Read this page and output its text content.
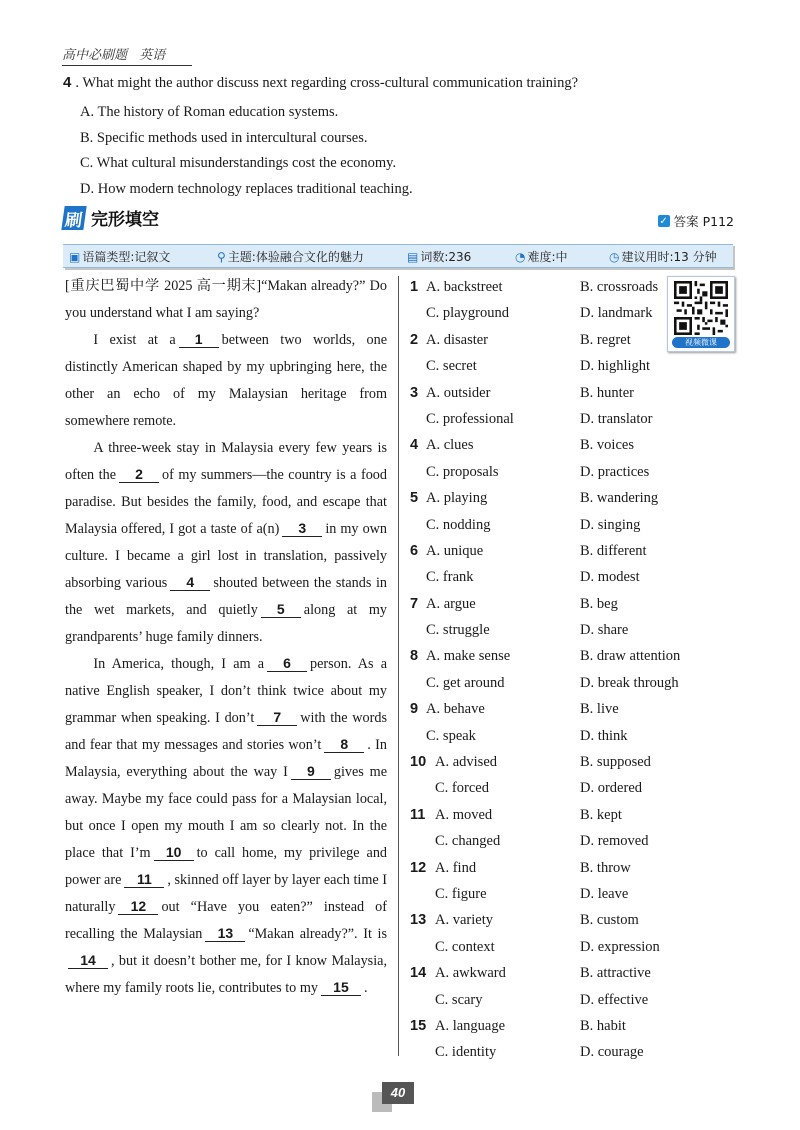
高中必刷题 英语
4 . What might the author discuss next regarding cross-cultural communication training?
A. The history of Roman education systems.
B. Specific methods used in intercultural courses.
C. What cultural misunderstandings cost the economy.
D. How modern technology replaces traditional teaching.
刷 完形填空	✓ 答案 P112
▣ 语篇类型:记叙文	⚲ 主题:体验融合文化的魅力	▤ 词数:236	◔ 难度:中	◷ 建议用时:13 分钟

[重庆巴蜀中学 2025 高一期末]“Makan already?” Do you understand what I am saying?

I exist at a 1 between two worlds, one distinctly American shaped by my upbringing here, the other an echo of my Malaysian heritage from somewhere remote.

A three-week stay in Malaysia every few years is often the 2 of my summers—the country is a food paradise. But besides the family, food, and escape that Malaysia offered, I got a taste of a(n) 3 in my own culture. I became a girl lost in translation, passively absorbing various 4 shouted between the stands in the wet markets, and quietly 5 along at my grandparents’ huge family dinners.

In America, though, I am a 6 person. As a native English speaker, I don’t think twice about my grammar when speaking. I don’t 7 with the words and fear that my messages and stories won’t 8 . In Malaysia, everything about the way I 9 gives me away. Maybe my face could pass for a Malaysian local, but once I open my mouth I am so clearly not. In the place that I’m 10 to call home, my privilege and power are 11 , skinned off layer by layer each time I naturally 12 out “Have you eaten?” instead of recalling the Malaysian 13 “Makan already?”. It is14 , but it doesn’t bother me, for I know Malaysia, where my family roots lie, contributes to my 15 .

1 A. backstreet	B. crossroads
C. playground	D. landmark
2 A. disaster	B. regret
C. secret	D. highlight
3 A. outsider	B. hunter
C. professional	D. translator
4 A. clues	B. voices
C. proposals	D. practices
5 A. playing	B. wandering
C. nodding	D. singing
6 A. unique	B. different
C. frank	D. modest
7 A. argue	B. beg
C. struggle	D. share
8 A. make sense	B. draw attention
C. get around	D. break through
9 A. behave	B. live
C. speak	D. think
10 A. advised	B. supposed
C. forced	D. ordered
11 A. moved	B. kept
C. changed	D. removed
12 A. find	B. throw
C. figure	D. leave
13 A. variety	B. custom
C. context	D. expression
14 A. awkward	B. attractive
C. scary	D. effective
15 A. language	B. habit
C. identity	D. courage
视频微课
40
